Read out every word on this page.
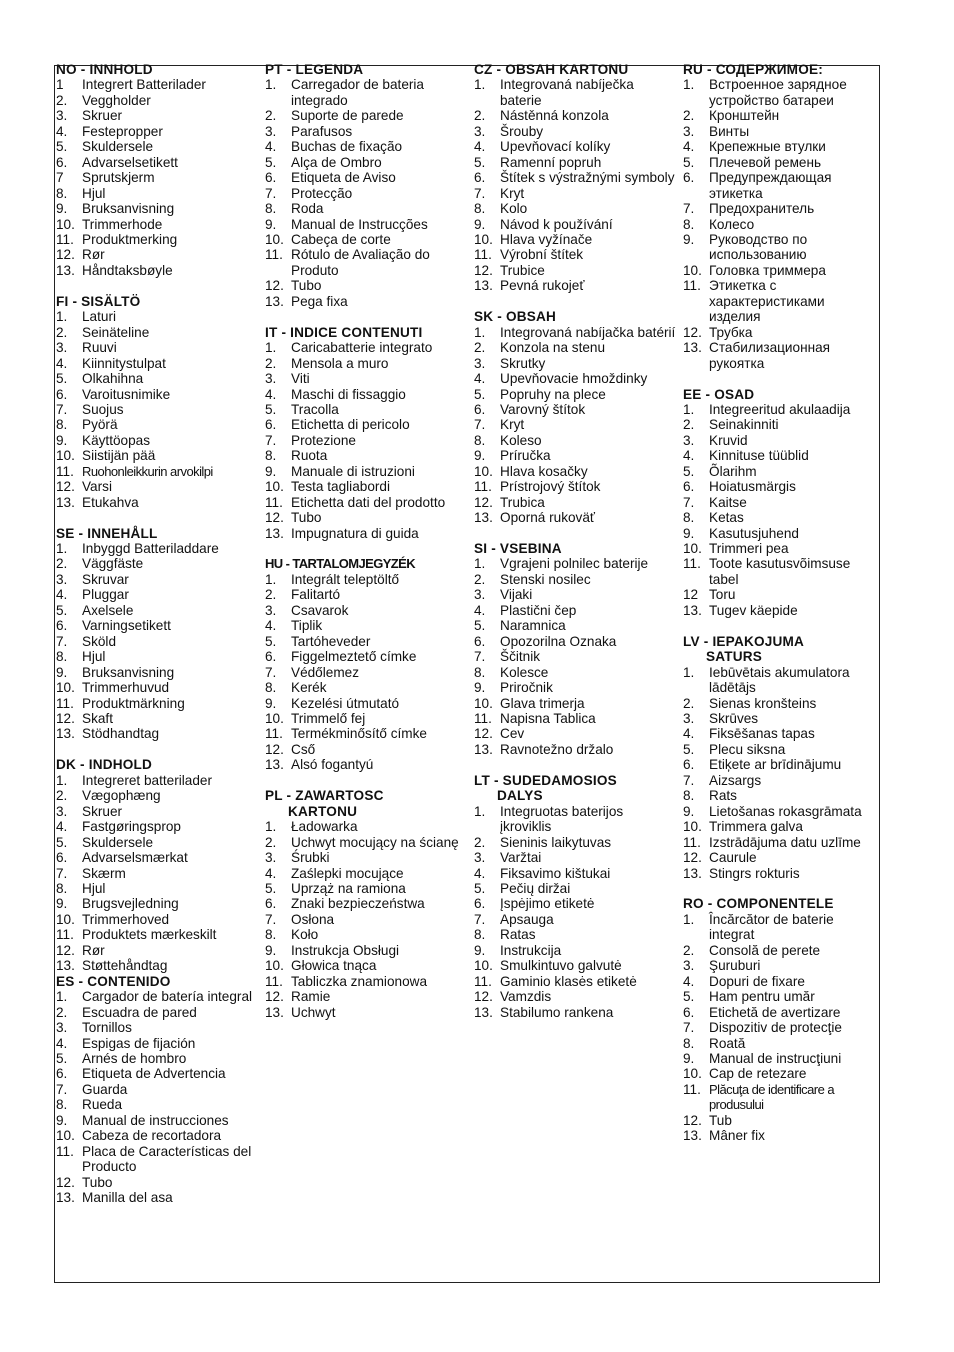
NO - INNHOLD
1	Integrert Batterilader
2.	Veggholder
3.	Skruer
4.	Festepropper
5.	Skuldersele
6.	Advarselsetikett
7	Sprutskjerm
8.	Hjul
9.	Bruksanvisning
10. Trimmerhode
11. Produktmerking
12. Rør
13. Håndtaksbøyle
FI - SISÄLTÖ
1.	Laturi
2.	Seinäteline
3.	Ruuvi
4.	Kiinnitystulpat
5.	Olkahihna
6.	Varoitusnimike
7.	Suojus
8.	Pyörä
9.	Käyttöopas
10. Siistijän pää
11. Ruohonleikkurin arvokilpi
12. Varsi
13. Etukahva
SE - INNEHÅLL
1.	Inbyggd Batteriladdare
2.	Väggfäste
3.	Skruvar
4.	Pluggar
5.	Axelsele
6.	Varningsetikett
7.	Sköld
8.	Hjul
9.	Bruksanvisning
10. Trimmerhuvud
11. Produktmärkning
12. Skaft
13. Stödhandtag
DK - INDHOLD
1.	Integreret batterilader
2.	Vægophæng
3.	Skruer
4.	Fastgøringsprop
5.	Skuldersele
6.	Advarselsmærkat
7.	Skærm
8.	Hjul
9.	Brugsvejledning
10. Trimmerhoved
11. Produktets mærkeskilt
12. Rør
13. Støttehåndtag
ES - CONTENIDO
1.	Cargador de batería integral
2.	Escuadra de pared
3.	Tornillos
4.	Espigas de fijación
5.	Arnés de hombro
6.	Etiqueta de Advertencia
7.	Guarda
8.	Rueda
9.	Manual de instrucciones
10. Cabeza de recortadora
11. Placa de Características del Producto
12. Tubo
13. Manilla del asa
PT - LEGENDA
1.	Carregador de bateria integrado
2.	Suporte de parede
3.	Parafusos
4.	Buchas de fixação
5.	Alça de Ombro
6.	Etiqueta de Aviso
7.	Protecção
8.	Roda
9.	Manual de Instrucções
10. Cabeça de corte
11. Rótulo de Avaliação do Produto
12. Tubo
13. Pega fixa
IT - INDICE CONTENUTI
1.	Caricabatterie integrato
2.	Mensola a muro
3.	Viti
4.	Maschi di fissaggio
5.	Tracolla
6.	Etichetta di pericolo
7.	Protezione
8.	Ruota
9.	Manuale di istruzioni
10. Testa tagliabordi
11. Etichetta dati del prodotto
12. Tubo
13. Impugnatura di guida
HU - TARTALOMJEGYZÉK
1.	Integrált teleptöltő
2.	Falitartó
3.	Csavarok
4.	Tiplik
5.	Tartóheveder
6.	Figgelmeztető címke
7.	Védőlemez
8.	Kerék
9.	Kezelési útmutató
10. Trimmelő fej
11. Termékminősítő címke
12. Cső
13. Alsó fogantyú
PL - ZAWARTOSC
KARTONU
1.	Ładowarka
2.	Uchwyt mocujący na ścianę
3.	Śrubki
4.	Zaślepki mocujące
5.	Uprząż na ramiona
6.	Znaki bezpieczeństwa
7.	Osłona
8.	Koło
9.	Instrukcja Obsługi
10. Głowica tnąca
11. Tabliczka znamionowa
12. Ramie
13. Uchwyt
CZ - OBSAH KARTONU
1.	Integrovaná nabíječka baterie
2.	Nástěnná konzola
3.	Šrouby
4.	Upevňovací kolíky
5.	Ramenní popruh
6.	Štítek s výstražnými symboly
7.	Kryt
8.	Kolo
9.	Návod k používání
10. Hlava vyžínače
11. Výrobní štítek
12. Trubice
13. Pevná rukojeť
SK - OBSAH
1.	Integrovaná nabíjačka batérií
2.	Konzola na stenu
3.	Skrutky
4.	Upevňovacie hmoždinky
5.	Popruhy na plece
6.	Varovný štítok
7.	Kryt
8.	Koleso
9.	Príručka
10. Hlava kosačky
11. Prístrojový štítok
12. Trubica
13. Oporná rukoväť
SI - VSEBINA
1.	Vgrajeni polnilec baterije
2.	Stenski nosilec
3.	Vijaki
4.	Plastični čep
5.	Naramnica
6.	Opozorilna Oznaka
7.	Ščitnik
8.	Kolesce
9.	Priročnik
10. Glava trimerja
11. Napisna Tablica
12. Cev
13. Ravnotežno držalo
LT - SUDEDAMOSIOS
DALYS
1.	Integruotas baterijos įkroviklis
2.	Sieninis laikytuvas
3.	Varžtai
4.	Fiksavimo kištukai
5.	Pečių diržai
6.	Įspėjimo etiketė
7.	Apsauga
8.	Ratas
9.	Instrukcija
10. Smulkintuvo galvutė
11. Gaminio klasės etiketė
12. Vamzdis
13. Stabilumo rankena
RU - СОДЕРЖИМОЕ:
1.	Встроенное зарядное устройство батареи
2.	Кронштейн
3.	Винты
4.	Крепежные втулки
5.	Плечевой ремень
6.	Предупреждающая этикетка
7.	Предохранитель
8.	Колесо
9.	Руководство по использованию
10. Головка триммера
11. Этикетка с характеристиками изделия
12. Трубка
13. Стабилизационная рукоятка
EE - OSAD
1.	Integreeritud akulaadija
2.	Seinakinniti
3.	Kruvid
4.	Kinnituse tüüblid
5.	Õlarihm
6.	Hoiatusmärgis
7.	Kaitse
8.	Ketas
9.	Kasutusjuhend
10. Trimmeri pea
11. Toote kasutusvõimsuse tabel
12 Toru
13. Tugev käepide
LV - IEPAKOJUMA
SATURS
1.	Iebūvētais akumulatora lādētājs
2.	Sienas kronšteins
3.	Skrūves
4.	Fiksēšanas tapas
5.	Plecu siksna
6.	Etiķete ar brīdinājumu
7.	Aizsargs
8.	Rats
9.	Lietošanas rokasgrāmata
10. Trimmera galva
11. Izstrādājuma datu uzlīme
12. Caurule
13. Stingrs rokturis
RO - COMPONENTELE
1.	Încărcător de baterie integrat
2.	Consolă de perete
3.	Şuruburi
4.	Dopuri de fixare
5.	Ham pentru umăr
6.	Etichetă de avertizare
7.	Dispozitiv de protecţie
8.	Roată
9.	Manual de instrucţiuni
10. Cap de retezare
11. Plăcuţa de identificare a produsului
12. Tub
13. Mâner fix
